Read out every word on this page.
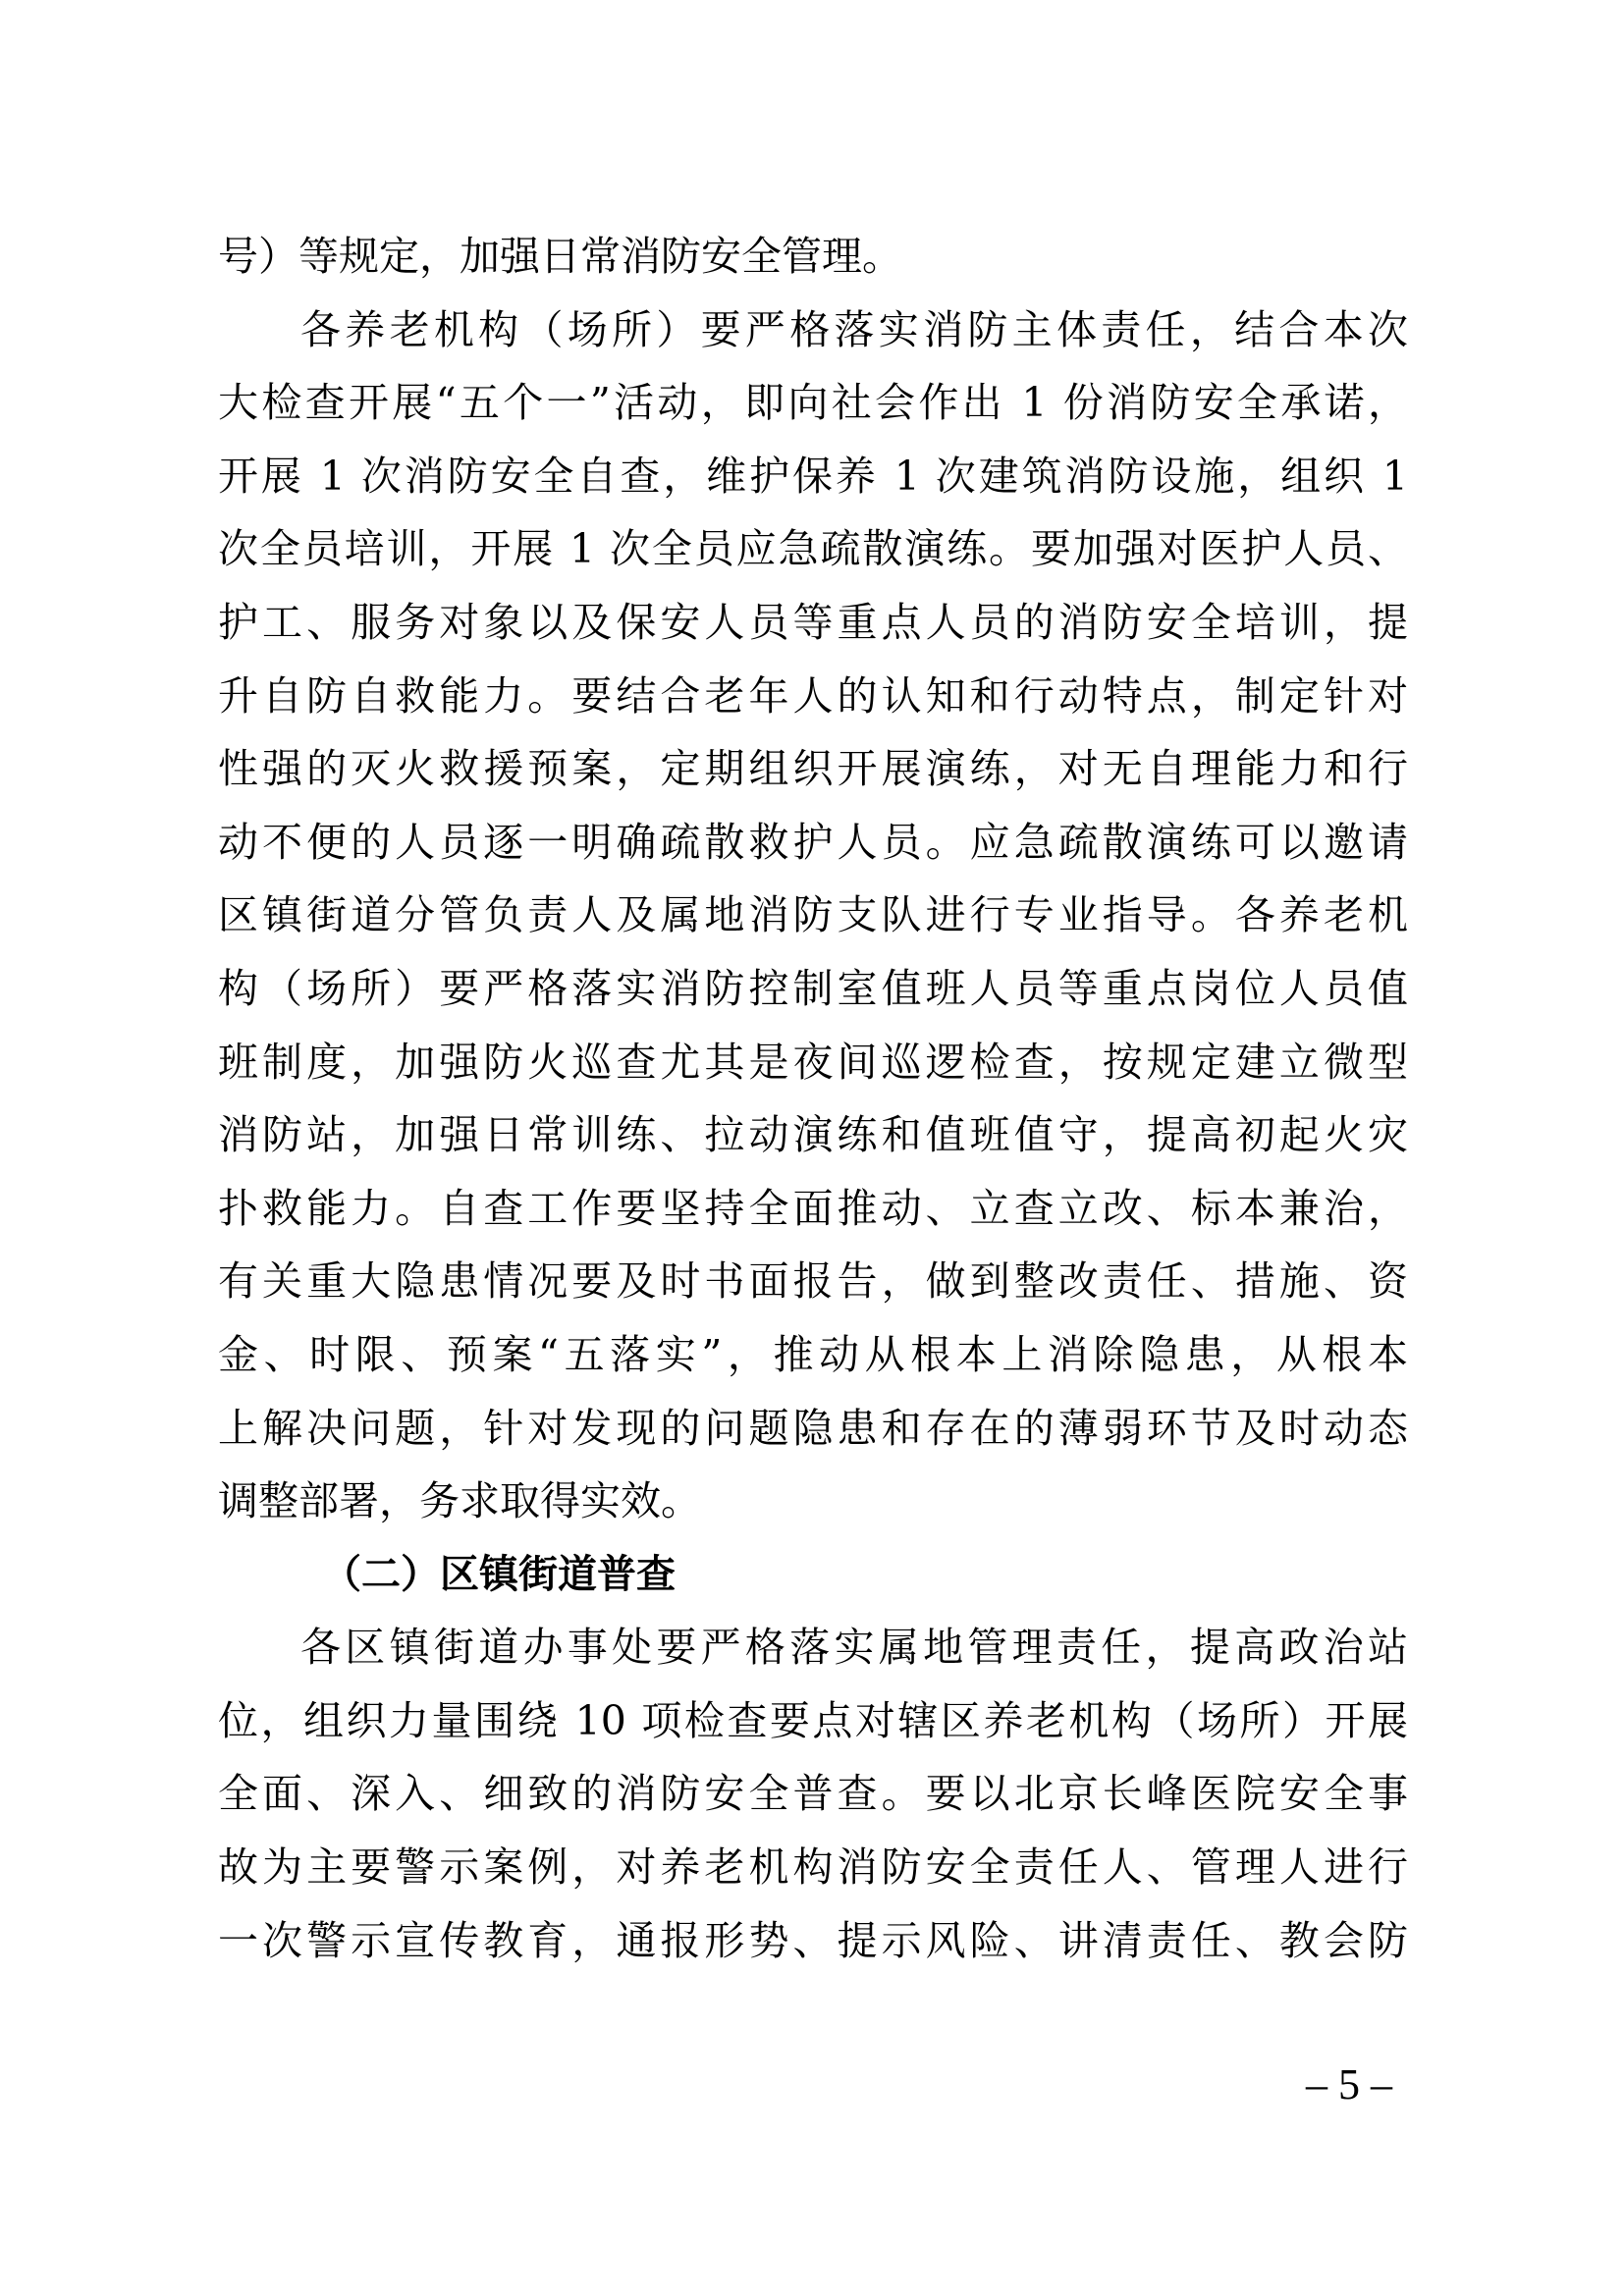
号）等规定，加强日常消防安全管理。
各养老机构（场所）要严格落实消防主体责任，结合本次
大检查开展“五个一”活动，即向社会作出 1 份消防安全承诺，
开展 1 次消防安全自查，维护保养 1 次建筑消防设施，组织 1
次全员培训，开展 1 次全员应急疏散演练。要加强对医护人员、
护工、服务对象以及保安人员等重点人员的消防安全培训，提
升自防自救能力。要结合老年人的认知和行动特点，制定针对
性强的灭火救援预案，定期组织开展演练，对无自理能力和行
动不便的人员逐一明确疏散救护人员。应急疏散演练可以邀请
区镇街道分管负责人及属地消防支队进行专业指导。各养老机
构（场所）要严格落实消防控制室值班人员等重点岗位人员值
班制度，加强防火巡查尤其是夜间巡逻检查，按规定建立微型
消防站，加强日常训练、拉动演练和值班值守，提高初起火灾
扑救能力。自查工作要坚持全面推动、立查立改、标本兼治，
有关重大隐患情况要及时书面报告，做到整改责任、措施、资
金、时限、预案“五落实”，推动从根本上消除隐患，从根本
上解决问题，针对发现的问题隐患和存在的薄弱环节及时动态
调整部署，务求取得实效。
（二）区镇街道普查
各区镇街道办事处要严格落实属地管理责任，提高政治站
位，组织力量围绕 10 项检查要点对辖区养老机构（场所）开展
全面、深入、细致的消防安全普查。要以北京长峰医院安全事
故为主要警示案例，对养老机构消防安全责任人、管理人进行
一次警示宣传教育，通报形势、提示风险、讲清责任、教会防
– 5 –
